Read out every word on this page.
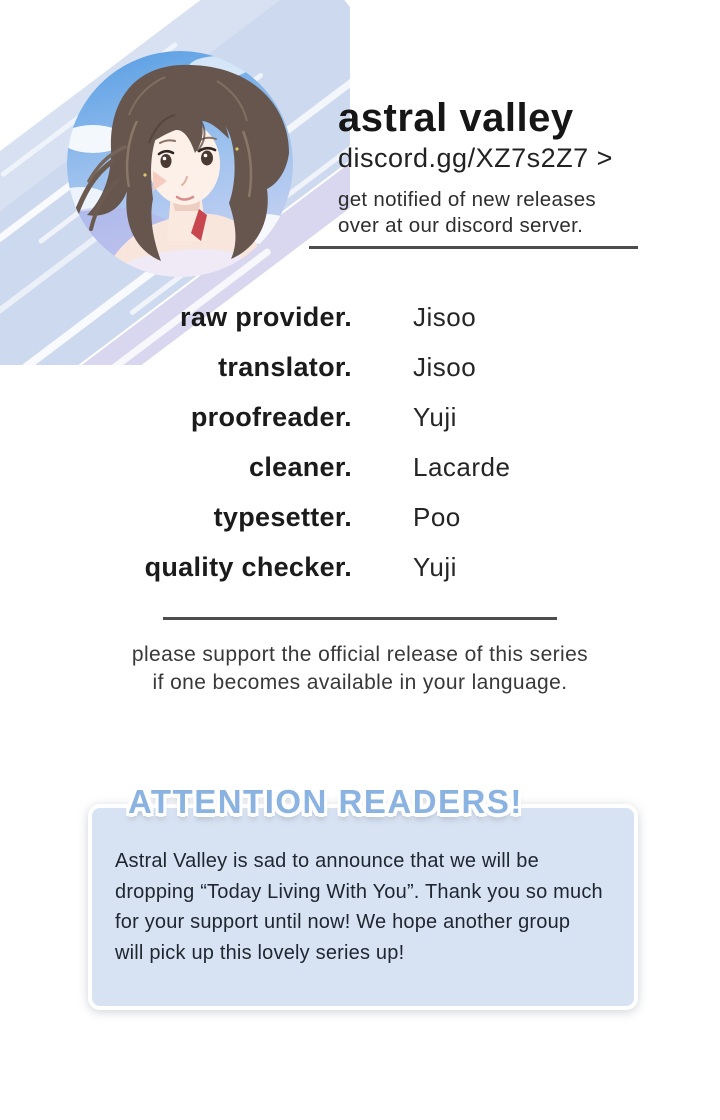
astral valley
discord.gg/XZ7s2Z7 >
get notified of new releases
over at our discord server.
raw provider. Jisoo
translator. Jisoo
proofreader. Yuji
cleaner. Lacarde
typesetter. Poo
quality checker. Yuji
please support the official release of this series
if one becomes available in your language.
ATTENTION READERS!
Astral Valley is sad to announce that we will be
dropping “Today Living With You”. Thank you so much
for your support until now! We hope another group
will pick up this lovely series up!
